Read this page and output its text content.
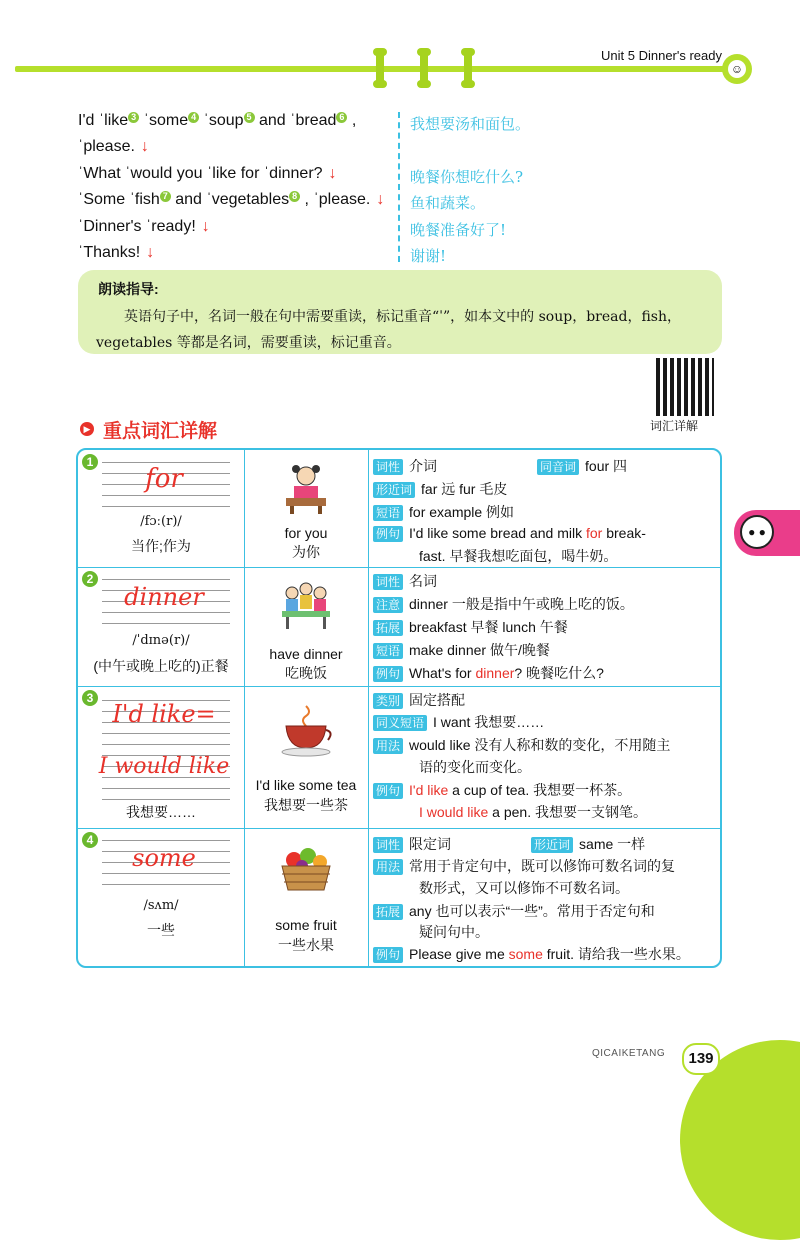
Unit 5 Dinner's ready
☺
I'd ˈlike 3 ˈsome 4 ˈsoup 5 and ˈbread 6 ,
ˈplease. ↓
ˈWhat ˈwould you ˈlike for ˈdinner? ↓
ˈSome ˈfish 7 and ˈvegetables 8 , ˈplease. ↓
ˈDinner's ˈready! ↓
ˈThanks! ↓
我想要汤和面包。
晚餐你想吃什么?
鱼和蔬菜。
晚餐准备好了!
谢谢!
朗读指导:
英语句子中，名词一般在句中需要重读，标记重音“ˈ”，如本文中的 soup，bread，fish，vegetables 等都是名词，需要重读，标记重音。
词汇详解
▶ 重点词汇详解
● ●
1
for
/fɔː(r)/
当作;作为
for you
为你
词性 介词	同音词 four 四
形近词 far 远 fur 毛皮
短语 for example 例如
例句 I'd like some bread and milk for break-
fast. 早餐我想吃面包，喝牛奶。
2
dinner
/ˈdɪnə(r)/
(中午或晚上吃的)正餐
have dinner
吃晚饭
词性 名词
注意 dinner 一般是指中午或晚上吃的饭。
拓展 breakfast 早餐 lunch 午餐
短语 make dinner 做午/晚餐
例句 What's for dinner? 晚餐吃什么?
3
I'd like=
I would like
我想要……
I'd like some tea
我想要一些茶
类别 固定搭配
同义短语 I want 我想要……
用法 would like 没有人称和数的变化，不用随主
语的变化而变化。
例句 I'd like a cup of tea. 我想要一杯茶。
I would like a pen. 我想要一支钢笔。
4
some
/sʌm/
一些	some fruit
一些水果
词性 限定词	形近词 same 一样
用法 常用于肯定句中，既可以修饰可数名词的复
数形式，又可以修饰不可数名词。
拓展 any 也可以表示“一些”。常用于否定句和
疑问句中。
例句 Please give me some fruit. 请给我一些水果。
QICAIKETANG	139
